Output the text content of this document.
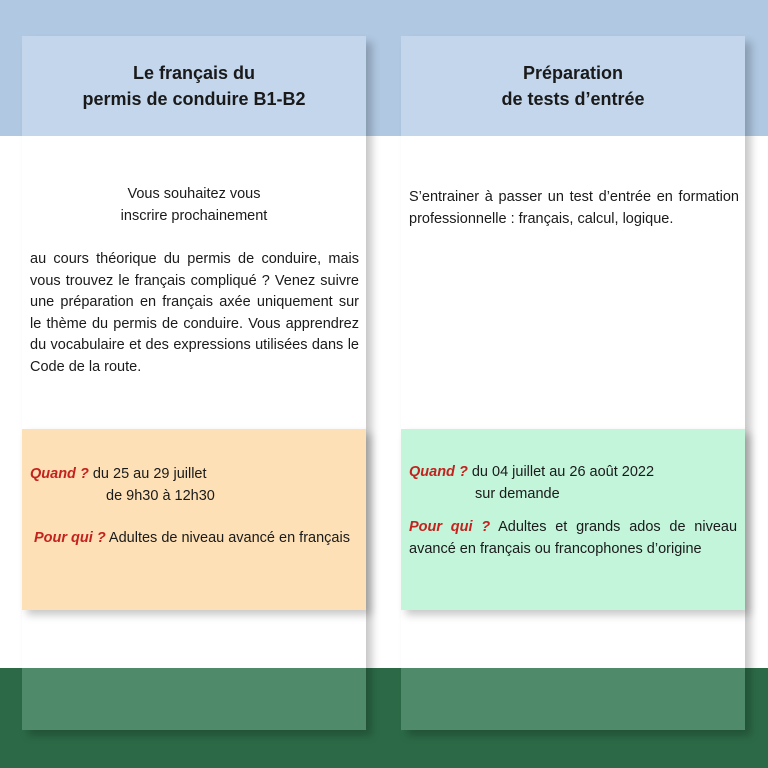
Le français du
permis de conduire B1-B2
Vous souhaitez vous
inscrire prochainement
au cours théorique du permis de conduire, mais vous trouvez le français compliqué ? Venez suivre une préparation en français axée uniquement sur le thème du permis de conduire. Vous apprendrez du vocabulaire et des expressions utilisées dans le Code de la route.
Quand ? du 25 au 29 juillet
de 9h30 à 12h30
Pour qui ? Adultes de niveau avancé en français
Préparation
de tests d’entrée
S’entrainer à passer un test d’entrée en formation professionnelle : français, calcul, logique.
Quand ? du 04 juillet au 26 août 2022
sur demande
Pour qui ? Adultes et grands ados de niveau avancé en français ou francophones d’origine
